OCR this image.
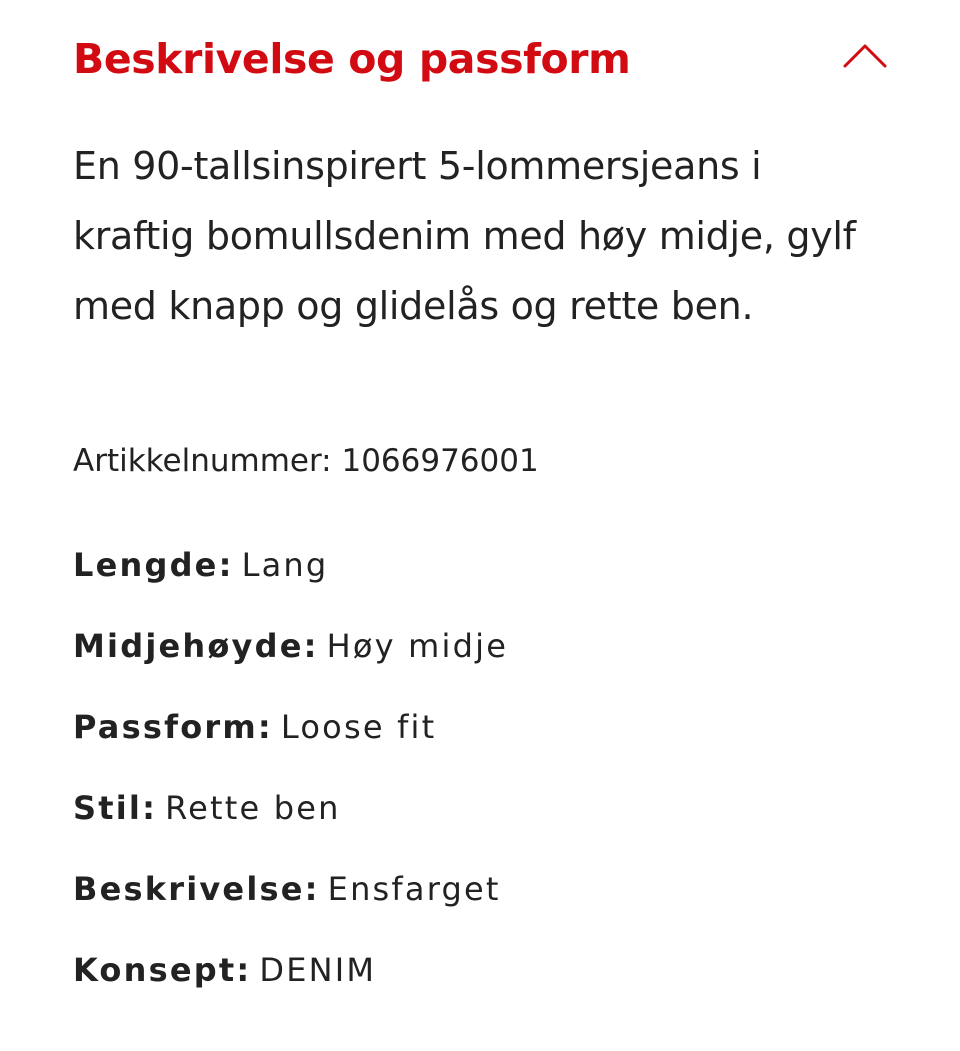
Beskrivelse og passform

En 90-tallsinspirert 5-lommersjeans i kraftig bomullsdenim med høy midje, gylf med knapp og glidelås og rette ben.

Artikkelnummer: 1066976001

Lengde: Lang
Midjehøyde: Høy midje
Passform: Loose fit
Stil: Rette ben
Beskrivelse: Ensfarget
Konsept: DENIM
